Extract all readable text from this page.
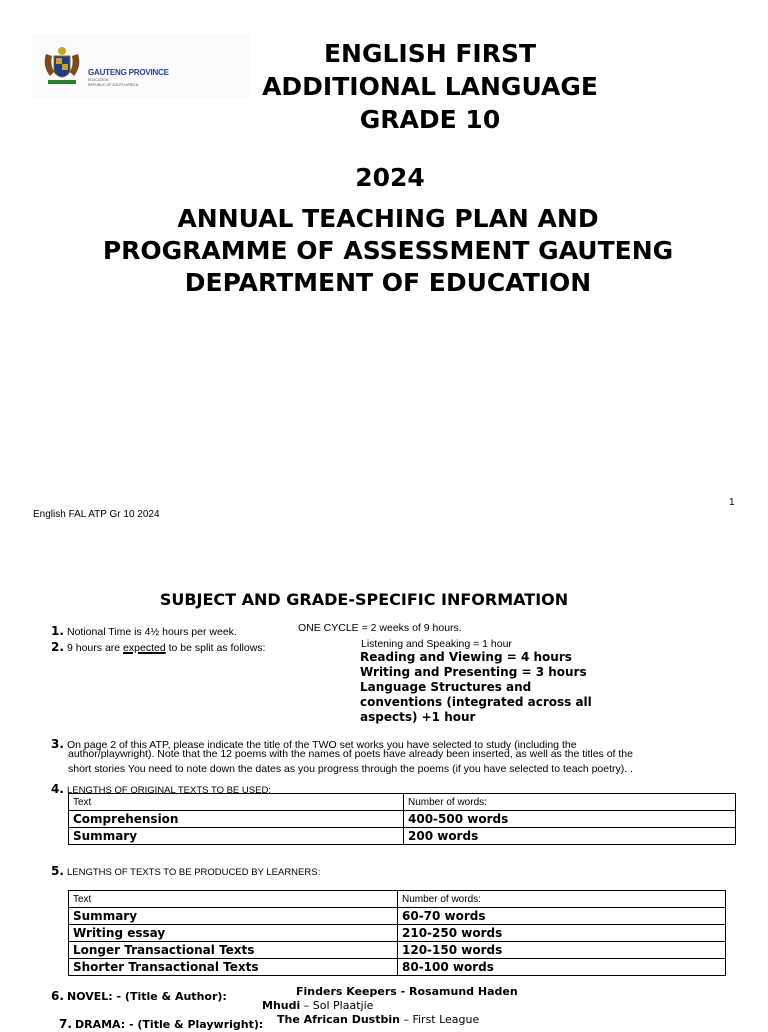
GAUTENG PROVINCE
EDUCATION
REPUBLIC OF SOUTH AFRICA
ENGLISH FIRST
ADDITIONAL LANGUAGE
GRADE 10
2024
ANNUAL TEACHING PLAN AND
PROGRAMME OF ASSESSMENT GAUTENG
DEPARTMENT OF EDUCATION
English FAL ATP Gr 10 2024
1
SUBJECT AND GRADE-SPECIFIC INFORMATION
1. Notional Time is 4½ hours per week.	ONE CYCLE = 2 weeks of 9 hours.
2. 9 hours are expected to be split as follows:	Listening and Speaking = 1 hour
Reading and Viewing = 4 hours
Writing and Presenting = 3 hours
Language Structures and
conventions (integrated across all
aspects) +1 hour
3. On page 2 of this ATP, please indicate the title of the TWO set works you have selected to study (including the
author/playwright). Note that the 12 poems with the names of poets have already been inserted, as well as the titles of the
short stories You need to note down the dates as you progress through the poems (if you have selected to teach poetry). .
4. LENGTHS OF ORIGINAL TEXTS TO BE USED:
Text	Number of words:
Comprehension	400-500 words
Summary	200 words
5. LENGTHS OF TEXTS TO BE PRODUCED BY LEARNERS:
Text	Number of words:
Summary	60-70 words
Writing essay	210-250 words
Longer Transactional Texts	120-150 words
Shorter Transactional Texts	80-100 words
6. NOVEL: - (Title & Author):	Finders Keepers - Rosamund Haden
Mhudi – Sol Plaatjie
7. DRAMA: - (Title & Playwright): The African Dustbin – First League
